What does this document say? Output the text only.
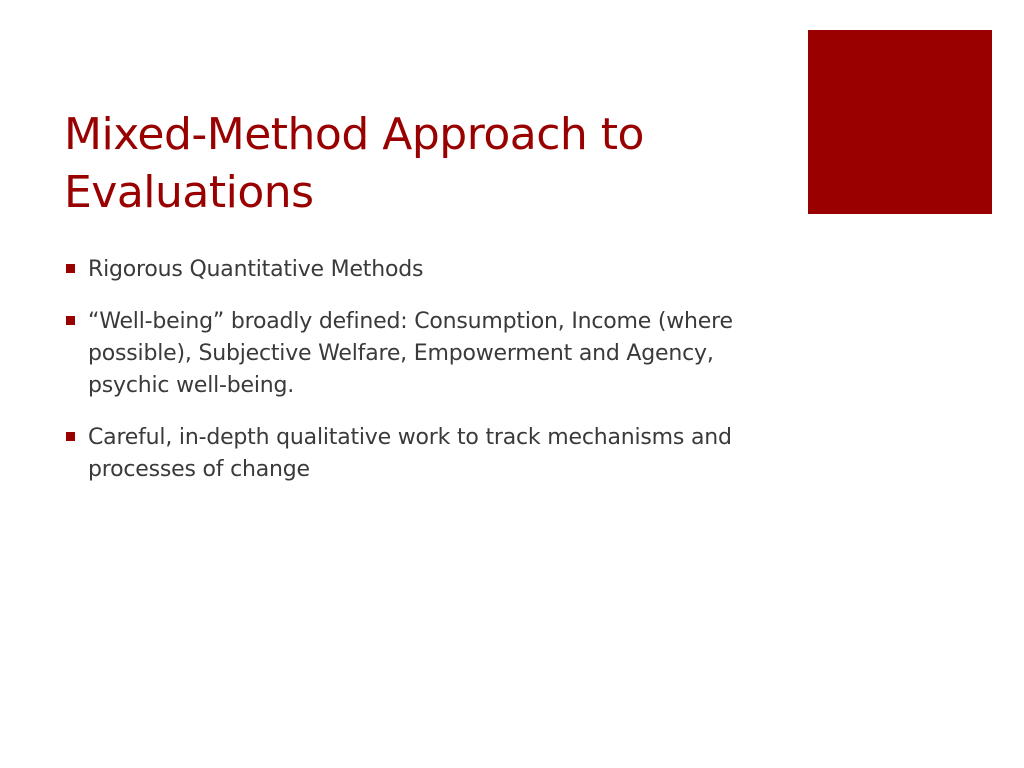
Mixed-Method Approach to Evaluations
Rigorous Quantitative Methods
“Well-being” broadly defined: Consumption, Income (where possible), Subjective Welfare, Empowerment and Agency, psychic well-being.
Careful, in-depth qualitative work to track mechanisms and processes of change
